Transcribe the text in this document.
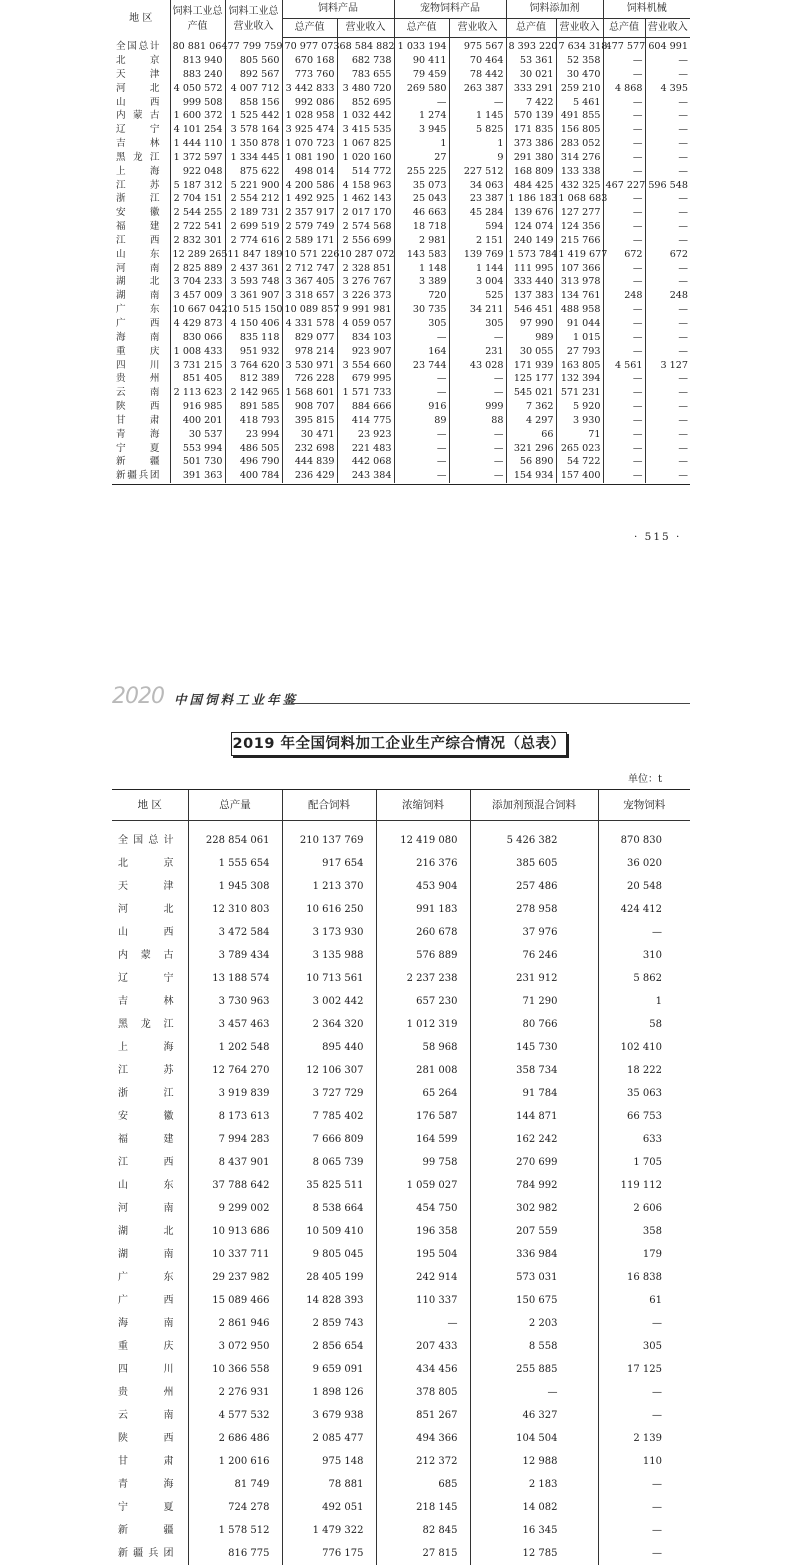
地 区	饲料工业总产值	饲料工业总营业收入	饲料产品		宠物饲料产品		饲料添加剂		饲料机械	
			总产值	营业收入	总产值	营业收入	总产值	营业收入	总产值	营业收入
全国总计	80 881 064	77 799 759	70 977 073	68 584 882	1 033 194	975 567	8 393 220	7 634 318	477 577	604 991
北 京	813 940	805 560	670 168	682 738	90 411	70 464	53 361	52 358	—	—
天 津	883 240	892 567	773 760	783 655	79 459	78 442	30 021	30 470	—	—
河 北	4 050 572	4 007 712	3 442 833	3 480 720	269 580	263 387	333 291	259 210	4 868	4 395
山 西	999 508	858 156	992 086	852 695	—	—	7 422	5 461	—	—
内蒙古	1 600 372	1 525 442	1 028 958	1 032 442	1 274	1 145	570 139	491 855	—	—
辽 宁	4 101 254	3 578 164	3 925 474	3 415 535	3 945	5 825	171 835	156 805	—	—
吉 林	1 444 110	1 350 878	1 070 723	1 067 825	1	1	373 386	283 052	—	—
黑龙江	1 372 597	1 334 445	1 081 190	1 020 160	27	9	291 380	314 276	—	—
上 海	922 048	875 622	498 014	514 772	255 225	227 512	168 809	133 338	—	—
江 苏	5 187 312	5 221 900	4 200 586	4 158 963	35 073	34 063	484 425	432 325	467 227	596 548
浙 江	2 704 151	2 554 212	1 492 925	1 462 143	25 043	23 387	1 186 183	1 068 683	—	—
安 徽	2 544 255	2 189 731	2 357 917	2 017 170	46 663	45 284	139 676	127 277	—	—
福 建	2 722 541	2 699 519	2 579 749	2 574 568	18 718	594	124 074	124 356	—	—
江 西	2 832 301	2 774 616	2 589 171	2 556 699	2 981	2 151	240 149	215 766	—	—
山 东	12 289 265	11 847 189	10 571 226	10 287 072	143 583	139 769	1 573 784	1 419 677	672	672
河 南	2 825 889	2 437 361	2 712 747	2 328 851	1 148	1 144	111 995	107 366	—	—
湖 北	3 704 233	3 593 748	3 367 405	3 276 767	3 389	3 004	333 440	313 978	—	—
湖 南	3 457 009	3 361 907	3 318 657	3 226 373	720	525	137 383	134 761	248	248
广 东	10 667 042	10 515 150	10 089 857	9 991 981	30 735	34 211	546 451	488 958	—	—
广 西	4 429 873	4 150 406	4 331 578	4 059 057	305	305	97 990	91 044	—	—
海 南	830 066	835 118	829 077	834 103	—	—	989	1 015	—	—
重 庆	1 008 433	951 932	978 214	923 907	164	231	30 055	27 793	—	—
四 川	3 731 215	3 764 620	3 530 971	3 554 660	23 744	43 028	171 939	163 805	4 561	3 127
贵 州	851 405	812 389	726 228	679 995	—	—	125 177	132 394	—	—
云 南	2 113 623	2 142 965	1 568 601	1 571 733	—	—	545 021	571 231	—	—
陕 西	916 985	891 585	908 707	884 666	916	999	7 362	5 920	—	—
甘 肃	400 201	418 793	395 815	414 775	89	88	4 297	3 930	—	—
青 海	30 537	23 994	30 471	23 923	—	—	66	71	—	—
宁 夏	553 994	486 505	232 698	221 483	—	—	321 296	265 023	—	—
新 疆	501 730	496 790	444 839	442 068	—	—	56 890	54 722	—	—
新疆兵团	391 363	400 784	236 429	243 384	—	—	154 934	157 400	—	—
· 515 ·
2020 中国饲料工业年鉴
2019 年全国饲料加工企业生产综合情况（总表）
单位：t
地 区	总产量	配合饲料	浓缩饲料	添加剂预混合饲料	宠物饲料
全国总计	228 854 061	210 137 769	12 419 080	5 426 382	870 830
北 京	1 555 654	917 654	216 376	385 605	36 020
天 津	1 945 308	1 213 370	453 904	257 486	20 548
河 北	12 310 803	10 616 250	991 183	278 958	424 412
山 西	3 472 584	3 173 930	260 678	37 976	—
内蒙古	3 789 434	3 135 988	576 889	76 246	310
辽 宁	13 188 574	10 713 561	2 237 238	231 912	5 862
吉 林	3 730 963	3 002 442	657 230	71 290	1
黑龙江	3 457 463	2 364 320	1 012 319	80 766	58
上 海	1 202 548	895 440	58 968	145 730	102 410
江 苏	12 764 270	12 106 307	281 008	358 734	18 222
浙 江	3 919 839	3 727 729	65 264	91 784	35 063
安 徽	8 173 613	7 785 402	176 587	144 871	66 753
福 建	7 994 283	7 666 809	164 599	162 242	633
江 西	8 437 901	8 065 739	99 758	270 699	1 705
山 东	37 788 642	35 825 511	1 059 027	784 992	119 112
河 南	9 299 002	8 538 664	454 750	302 982	2 606
湖 北	10 913 686	10 509 410	196 358	207 559	358
湖 南	10 337 711	9 805 045	195 504	336 984	179
广 东	29 237 982	28 405 199	242 914	573 031	16 838
广 西	15 089 466	14 828 393	110 337	150 675	61
海 南	2 861 946	2 859 743	—	2 203	—
重 庆	3 072 950	2 856 654	207 433	8 558	305
四 川	10 366 558	9 659 091	434 456	255 885	17 125
贵 州	2 276 931	1 898 126	378 805	—	—
云 南	4 577 532	3 679 938	851 267	46 327	—
陕 西	2 686 486	2 085 477	494 366	104 504	2 139
甘 肃	1 200 616	975 148	212 372	12 988	110
青 海	81 749	78 881	685	2 183	—
宁 夏	724 278	492 051	218 145	14 082	—
新 疆	1 578 512	1 479 322	82 845	16 345	—
新疆兵团	816 775	776 175	27 815	12 785	—
